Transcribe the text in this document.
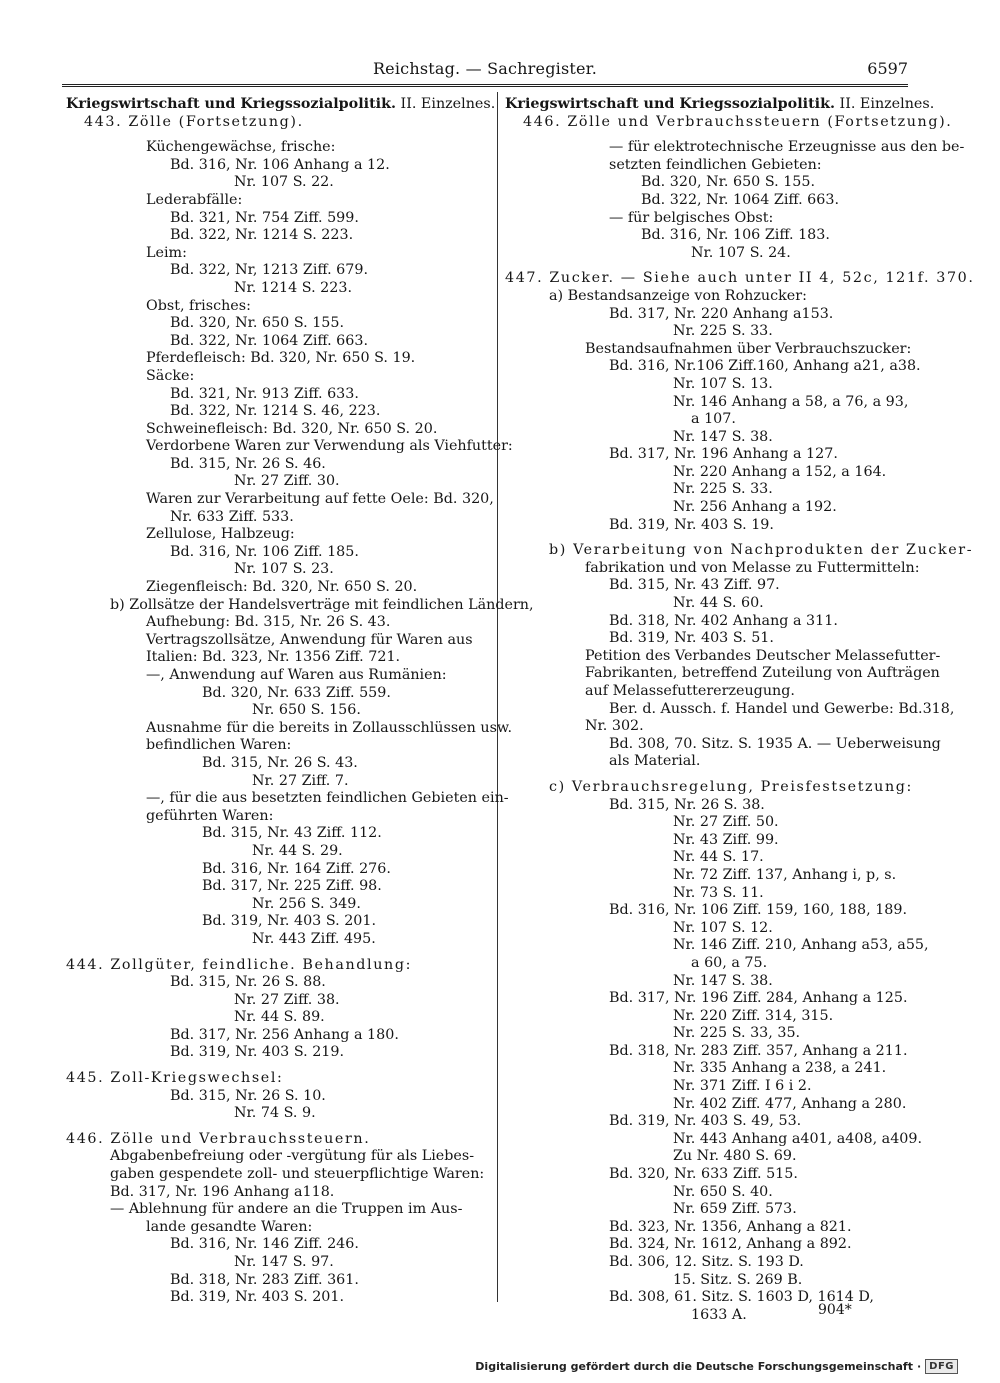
Reichstag. — Sachregister.	6597
Kriegswirtschaft und Kriegssozialpolitik. II. Einzelnes.
443. Zölle (Fortsetzung).
Küchengewächse, frische:
Bd. 316, Nr. 106 Anhang a 12.
Nr. 107 S. 22.
Lederabfälle:
Bd. 321, Nr. 754 Ziff. 599.
Bd. 322, Nr. 1214 S. 223.
Leim:
Bd. 322, Nr, 1213 Ziff. 679.
Nr. 1214 S. 223.
Obst, frisches:
Bd. 320, Nr. 650 S. 155.
Bd. 322, Nr. 1064 Ziff. 663.
Pferdefleisch: Bd. 320, Nr. 650 S. 19.
Säcke:
Bd. 321, Nr. 913 Ziff. 633.
Bd. 322, Nr. 1214 S. 46, 223.
Schweinefleisch: Bd. 320, Nr. 650 S. 20.
Verdorbene Waren zur Verwendung als Viehfutter:
Bd. 315, Nr. 26 S. 46.
Nr. 27 Ziff. 30.
Waren zur Verarbeitung auf fette Oele: Bd. 320,
Nr. 633 Ziff. 533.
Zellulose, Halbzeug:
Bd. 316, Nr. 106 Ziff. 185.
Nr. 107 S. 23.
Ziegenfleisch: Bd. 320, Nr. 650 S. 20.
b) Zollsätze der Handelsverträge mit feindlichen Ländern,
Aufhebung: Bd. 315, Nr. 26 S. 43.
Vertragszollsätze, Anwendung für Waren aus
Italien: Bd. 323, Nr. 1356 Ziff. 721.
—, Anwendung auf Waren aus Rumänien:
Bd. 320, Nr. 633 Ziff. 559.
Nr. 650 S. 156.
Ausnahme für die bereits in Zollausschlüssen usw.
befindlichen Waren:
Bd. 315, Nr. 26 S. 43.
Nr. 27 Ziff. 7.
—, für die aus besetzten feindlichen Gebieten ein-
geführten Waren:
Bd. 315, Nr. 43 Ziff. 112.
Nr. 44 S. 29.
Bd. 316, Nr. 164 Ziff. 276.
Bd. 317, Nr. 225 Ziff. 98.
Nr. 256 S. 349.
Bd. 319, Nr. 403 S. 201.
Nr. 443 Ziff. 495.
444. Zollgüter, feindliche. Behandlung:
Bd. 315, Nr. 26 S. 88.
Nr. 27 Ziff. 38.
Nr. 44 S. 89.
Bd. 317, Nr. 256 Anhang a 180.
Bd. 319, Nr. 403 S. 219.
445. Zoll-Kriegswechsel:
Bd. 315, Nr. 26 S. 10.
Nr. 74 S. 9.
446. Zölle und Verbrauchssteuern.
Abgabenbefreiung oder -vergütung für als Liebes-
gaben gespendete zoll- und steuerpflichtige Waren:
Bd. 317, Nr. 196 Anhang a118.
— Ablehnung für andere an die Truppen im Aus-
lande gesandte Waren:
Bd. 316, Nr. 146 Ziff. 246.
Nr. 147 S. 97.
Bd. 318, Nr. 283 Ziff. 361.
Bd. 319, Nr. 403 S. 201.
Kriegswirtschaft und Kriegssozialpolitik. II. Einzelnes.
446. Zölle und Verbrauchssteuern (Fortsetzung).
— für elektrotechnische Erzeugnisse aus den be-
setzten feindlichen Gebieten:
Bd. 320, Nr. 650 S. 155.
Bd. 322, Nr. 1064 Ziff. 663.
— für belgisches Obst:
Bd. 316, Nr. 106 Ziff. 183.
Nr. 107 S. 24.
447. Zucker. — Siehe auch unter II 4, 52c, 121f. 370.
a) Bestandsanzeige von Rohzucker:
Bd. 317, Nr. 220 Anhang a153.
Nr. 225 S. 33.
Bestandsaufnahmen über Verbrauchszucker:
Bd. 316, Nr.106 Ziff.160, Anhang a21, a38.
Nr. 107 S. 13.
Nr. 146 Anhang a 58, a 76, a 93,
a 107.
Nr. 147 S. 38.
Bd. 317, Nr. 196 Anhang a 127.
Nr. 220 Anhang a 152, a 164.
Nr. 225 S. 33.
Nr. 256 Anhang a 192.
Bd. 319, Nr. 403 S. 19.
b) Verarbeitung von Nachprodukten der Zucker-
fabrikation und von Melasse zu Futtermitteln:
Bd. 315, Nr. 43 Ziff. 97.
Nr. 44 S. 60.
Bd. 318, Nr. 402 Anhang a 311.
Bd. 319, Nr. 403 S. 51.
Petition des Verbandes Deutscher Melassefutter-
Fabrikanten, betreffend Zuteilung von Aufträgen
auf Melassefuttererzeugung.
Ber. d. Aussch. f. Handel und Gewerbe: Bd.318,
Nr. 302.
Bd. 308, 70. Sitz. S. 1935 A. — Ueberweisung
als Material.
c) Verbrauchsregelung, Preisfestsetzung:
Bd. 315, Nr. 26 S. 38.
Nr. 27 Ziff. 50.
Nr. 43 Ziff. 99.
Nr. 44 S. 17.
Nr. 72 Ziff. 137, Anhang i, p, s.
Nr. 73 S. 11.
Bd. 316, Nr. 106 Ziff. 159, 160, 188, 189.
Nr. 107 S. 12.
Nr. 146 Ziff. 210, Anhang a53, a55,
a 60, a 75.
Nr. 147 S. 38.
Bd. 317, Nr. 196 Ziff. 284, Anhang a 125.
Nr. 220 Ziff. 314, 315.
Nr. 225 S. 33, 35.
Bd. 318, Nr. 283 Ziff. 357, Anhang a 211.
Nr. 335 Anhang a 238, a 241.
Nr. 371 Ziff. I 6 i 2.
Nr. 402 Ziff. 477, Anhang a 280.
Bd. 319, Nr. 403 S. 49, 53.
Nr. 443 Anhang a401, a408, a409.
Zu Nr. 480 S. 69.
Bd. 320, Nr. 633 Ziff. 515.
Nr. 650 S. 40.
Nr. 659 Ziff. 573.
Bd. 323, Nr. 1356, Anhang a 821.
Bd. 324, Nr. 1612, Anhang a 892.
Bd. 306, 12. Sitz. S. 193 D.
15. Sitz. S. 269 B.
Bd. 308, 61. Sitz. S. 1603 D, 1614 D,
1633 A.	904*
Digitalisierung gefördert durch die Deutsche Forschungsgemeinschaft · DFG
